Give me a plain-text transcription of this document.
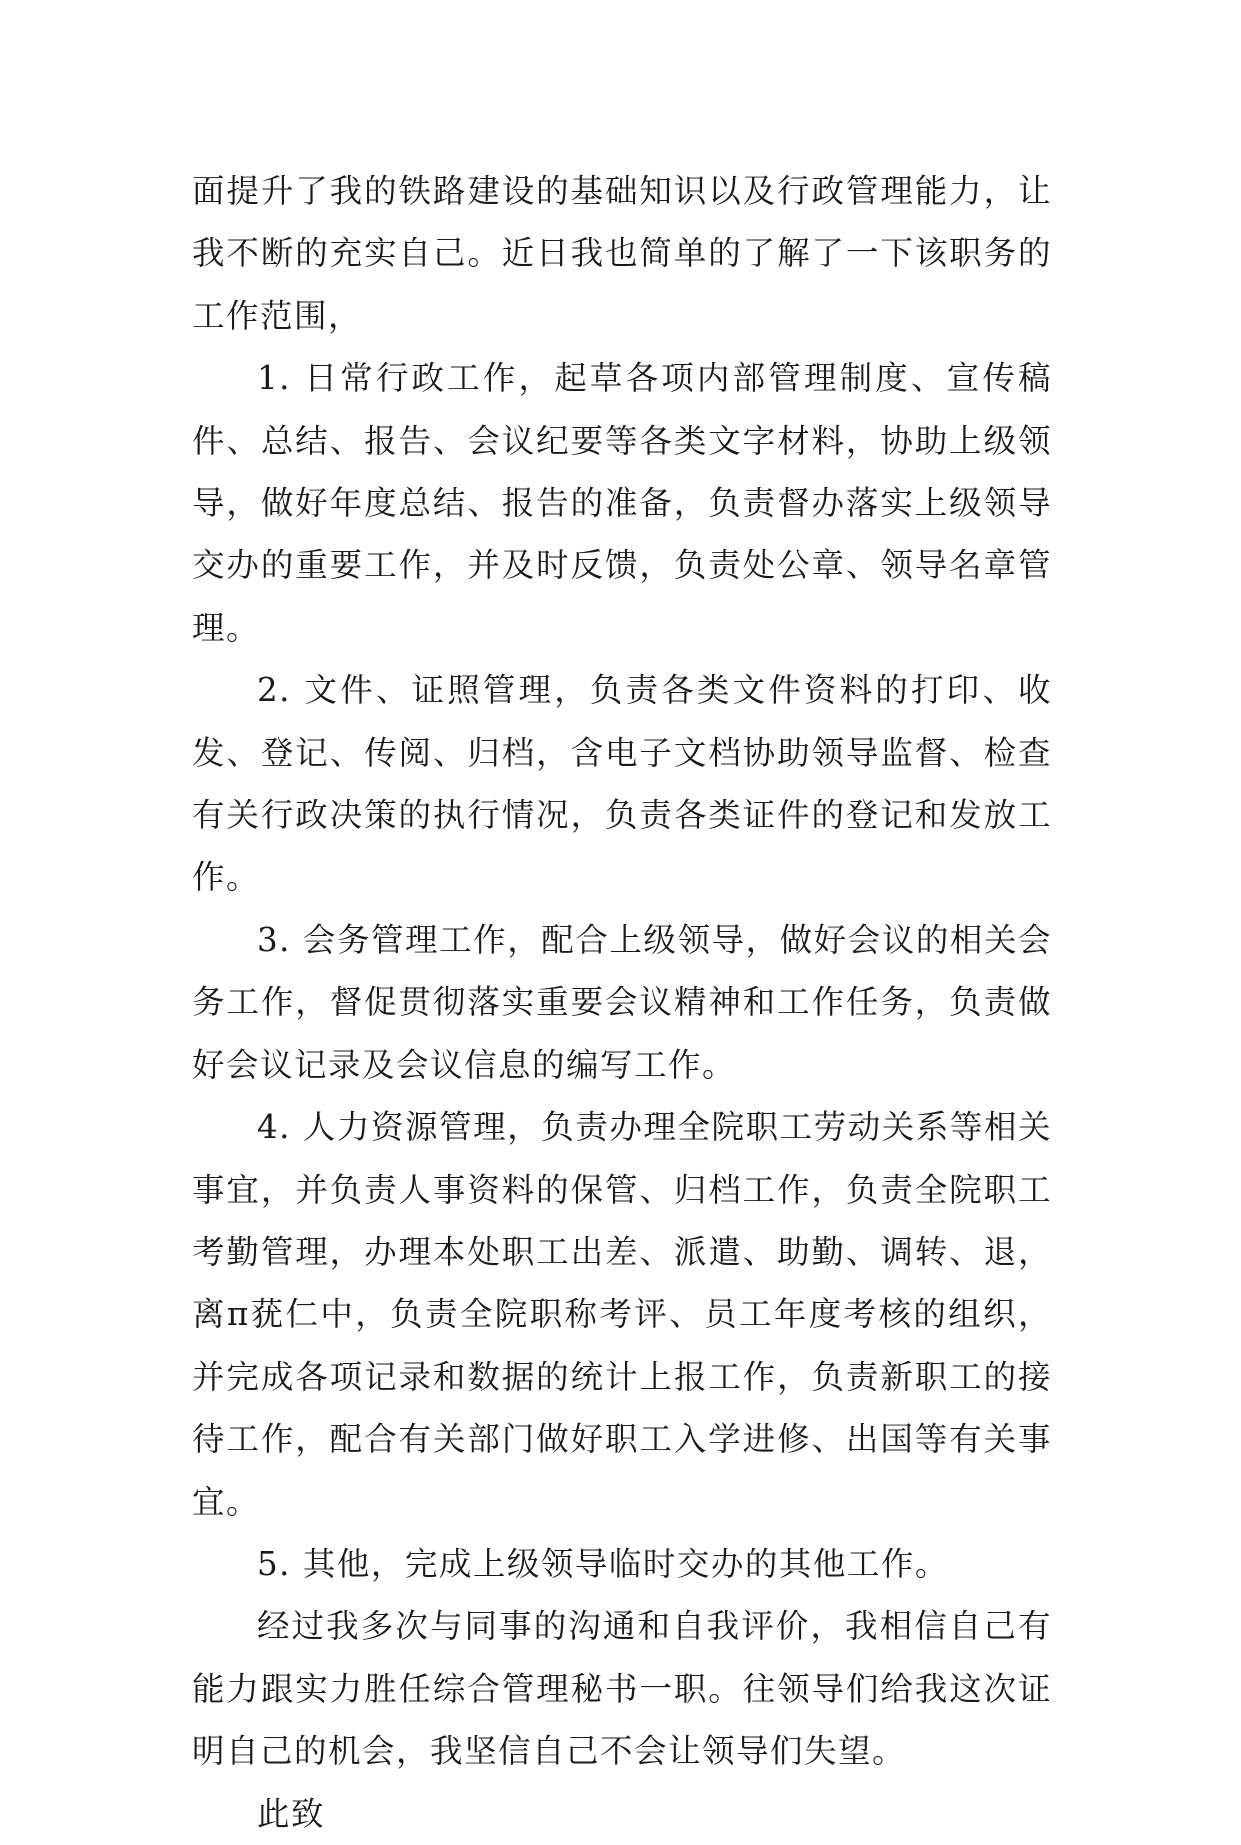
面提升了我的铁路建设的基础知识以及行政管理能力，让我不断的充实自己。近日我也简单的了解了一下该职务的工作范围，

1. 日常行政工作，起草各项内部管理制度、宣传稿件、总结、报告、会议纪要等各类文字材料，协助上级领导，做好年度总结、报告的准备，负责督办落实上级领导交办的重要工作，并及时反馈，负责处公章、领导名章管理。

2. 文件、证照管理，负责各类文件资料的打印、收发、登记、传阅、归档，含电子文档协助领导监督、检查有关行政决策的执行情况，负责各类证件的登记和发放工作。

3. 会务管理工作，配合上级领导，做好会议的相关会务工作，督促贯彻落实重要会议精神和工作任务，负责做好会议记录及会议信息的编写工作。

4. 人力资源管理，负责办理全院职工劳动关系等相关事宜，并负责人事资料的保管、归档工作，负责全院职工考勤管理，办理本处职工出差、派遣、助勤、调转、退，离π莸仁中，负责全院职称考评、员工年度考核的组织，并完成各项记录和数据的统计上报工作，负责新职工的接待工作，配合有关部门做好职工入学进修、出国等有关事宜。

5. 其他，完成上级领导临时交办的其他工作。

经过我多次与同事的沟通和自我评价，我相信自己有能力跟实力胜任综合管理秘书一职。往领导们给我这次证明自己的机会，我坚信自己不会让领导们失望。

此致
